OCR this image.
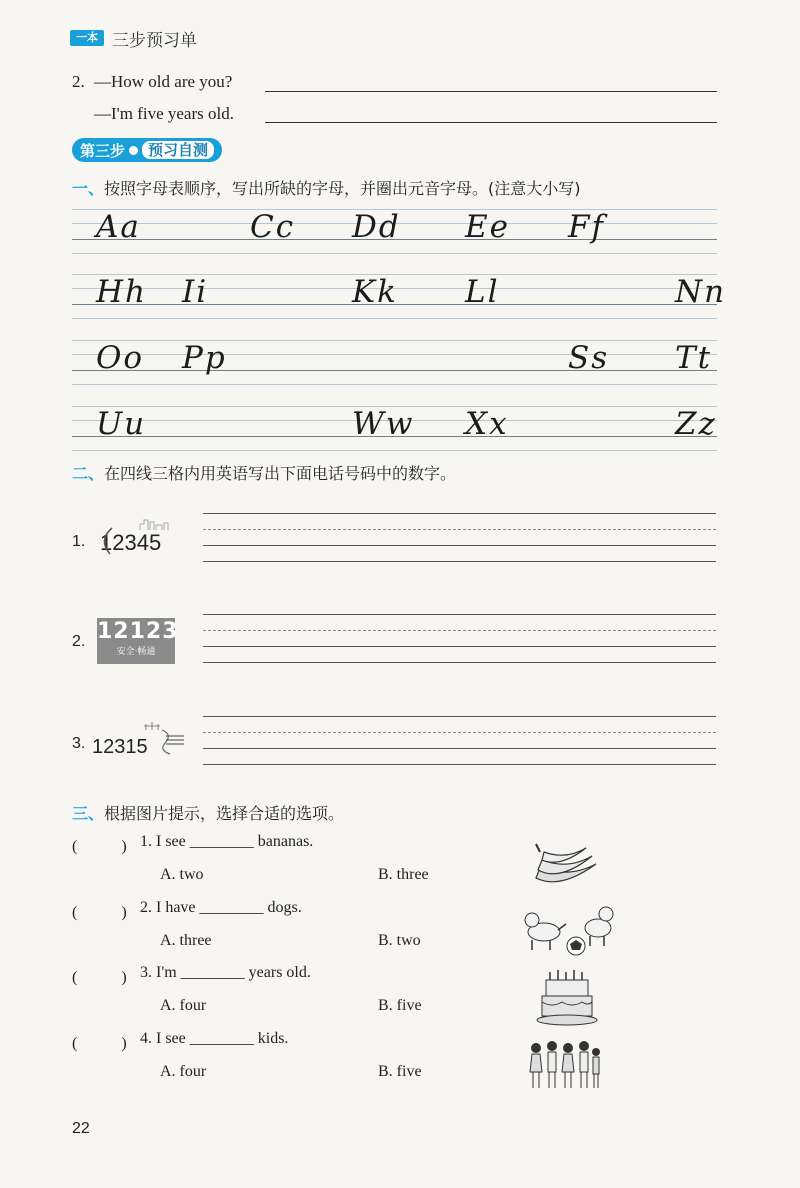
一本 三步预习单
2. —How old are you?
—I'm five years old.
第三步	预习自测
一、按照字母表顺序，写出所缺的字母，并圈出元音字母。(注意大小写)
Aa	Cc Dd Ee Ff
Hh Ii	Kk Ll	Nn
Oo Pp	Ss Tt
Uu	Ww Xx	Zz
二、在四线三格内用英语写出下面电话号码中的数字。
1. 12345
2. 12123
安全·畅通
3. 12315
三、根据图片提示，选择合适的选项。
(　　) 1. I see ________ bananas.
A. two	B. three
(　　) 2. I have ________ dogs.
A. three	B. two
(　　) 3. I'm ________ years old.
A. four	B. five
(　　) 4. I see ________ kids.
A. four	B. five
22
